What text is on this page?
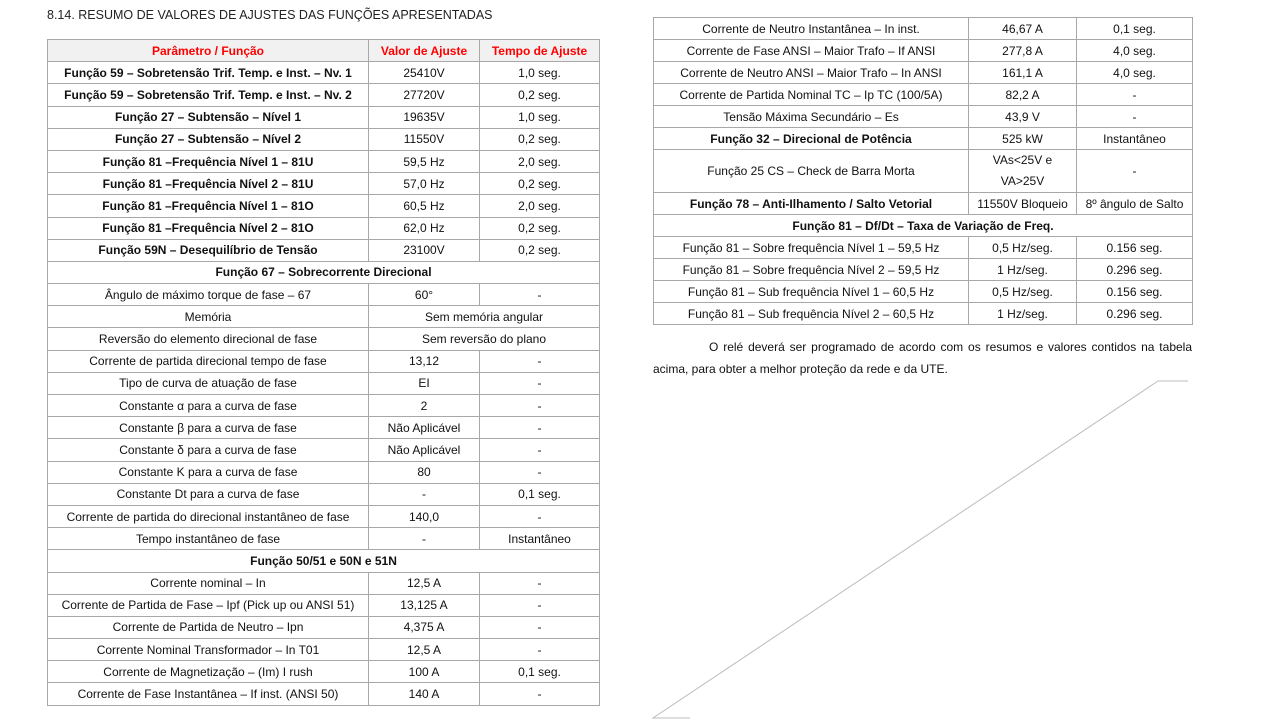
8.14. RESUMO DE VALORES DE AJUSTES DAS FUNÇÕES APRESENTADAS
Parâmetro / Função	Valor de Ajuste	Tempo de Ajuste
Função 59 – Sobretensão Trif. Temp. e Inst. – Nv. 1	25410V	1,0 seg.
Função 59 – Sobretensão Trif. Temp. e Inst. – Nv. 2	27720V	0,2 seg.
Função 27 – Subtensão – Nível 1	19635V	1,0 seg.
Função 27 – Subtensão – Nível 2	11550V	0,2 seg.
Função 81 –Frequência Nível 1 – 81U	59,5 Hz	2,0 seg.
Função 81 –Frequência Nível 2 – 81U	57,0 Hz	0,2 seg.
Função 81 –Frequência Nível 1 – 81O	60,5 Hz	2,0 seg.
Função 81 –Frequência Nível 2 – 81O	62,0 Hz	0,2 seg.
Função 59N – Desequilíbrio de Tensão	23100V	0,2 seg.
Função 67 – Sobrecorrente Direcional		
Ângulo de máximo torque de fase – 67	60°	-
Memória	Sem memória angular	
Reversão do elemento direcional de fase	Sem reversão do plano	
Corrente de partida direcional tempo de fase	13,12	-
Tipo de curva de atuação de fase	EI	-
Constante α para a curva de fase	2	-
Constante β para a curva de fase	Não Aplicável	-
Constante δ para a curva de fase	Não Aplicável	-
Constante K para a curva de fase	80	-
Constante Dt para a curva de fase	-	0,1 seg.
Corrente de partida do direcional instantâneo de fase	140,0	-
Tempo instantâneo de fase	-	Instantâneo
Função 50/51 e 50N e 51N		
Corrente nominal – In	12,5 A	-
Corrente de Partida de Fase – Ipf (Pick up ou ANSI 51)	13,125 A	-
Corrente de Partida de Neutro – Ipn	4,375 A	-
Corrente Nominal Transformador – In T01	12,5 A	-
Corrente de Magnetização – (Im) I rush	100 A	0,1 seg.
Corrente de Fase Instantânea – If inst. (ANSI 50)	140 A	-
Corrente de Neutro Instantânea – In inst.	46,67 A	0,1 seg.
Corrente de Fase ANSI – Maior Trafo – If ANSI	277,8 A	4,0 seg.
Corrente de Neutro ANSI – Maior Trafo – In ANSI	161,1 A	4,0 seg.
Corrente de Partida Nominal TC – Ip TC (100/5A)	82,2 A	-
Tensão Máxima Secundário – Es	43,9 V	-
Função 32 – Direcional de Potência	525 kW	Instantâneo
Função 25 CS – Check de Barra Morta	VAs<25V e VA>25V	-
Função 78 – Anti-Ilhamento / Salto Vetorial	11550V Bloqueio	8º ângulo de Salto
Função 81 – Df/Dt – Taxa de Variação de Freq.		
Função 81 – Sobre frequência Nível 1 – 59,5 Hz	0,5 Hz/seg.	0.156 seg.
Função 81 – Sobre frequência Nível 2 – 59,5 Hz	1 Hz/seg.	0.296 seg.
Função 81 – Sub frequência Nível 1 – 60,5 Hz	0,5 Hz/seg.	0.156 seg.
Função 81 – Sub frequência Nível 2 – 60,5 Hz	1 Hz/seg.	0.296 seg.
O relé deverá ser programado de acordo com os resumos e valores contidos na tabela acima, para obter a melhor proteção da rede e da UTE.
